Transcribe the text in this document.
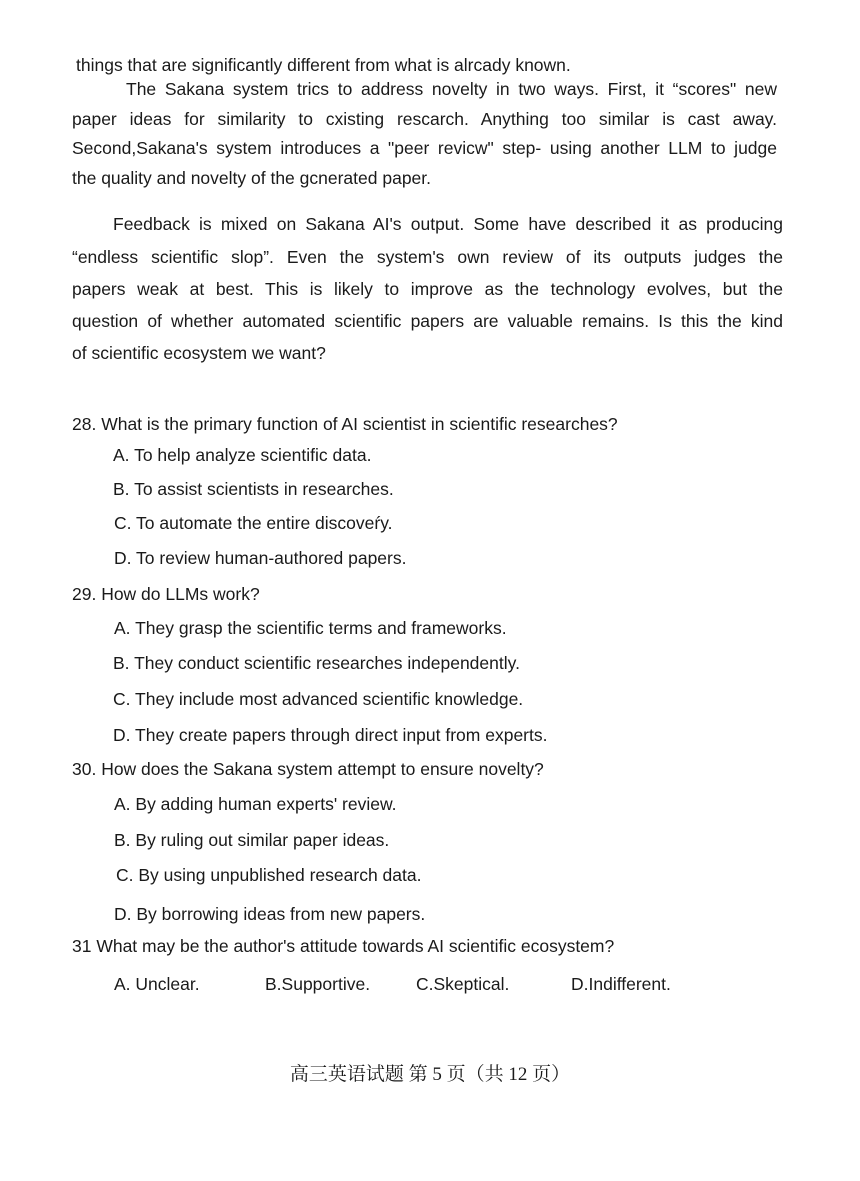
things that are significantly different from what is alrcady known.
The Sakana system trics to address novelty in two ways. First, it “scores" new
paper ideas for similarity to cxisting rescarch. Anything too similar is cast away.
Second,Sakana's system introduces a "peer revicw" step- using another LLM to judge
the quality and novelty of the gcnerated paper.
Feedback is mixed on Sakana AI's output. Some have described it as producing
“endless scientific slop”. Even the system's own review of its outputs judges the
papers weak at best. This is likely to improve as the technology evolves, but the
question of whether automated scientific papers are valuable remains. Is this the kind
of scientific ecosystem we want?
28. What is the primary function of AI scientist in scientific researches?
A. To help analyze scientific data.
B. To assist scientists in researches.
C. To automate the entire discoveŕy.
D. To review human-authored papers.
29. How do LLMs work?
A. They grasp the scientific terms and frameworks.
B. They conduct scientific researches independently.
C. They include most advanced scientific knowledge.
D. They create papers through direct input from experts.
30. How does the Sakana system attempt to ensure novelty?
A. By adding human experts' review.
B. By ruling out similar paper ideas.
C. By using unpublished research data.
D. By borrowing ideas from new papers.
31 What may be the author's attitude towards AI scientific ecosystem?
A. Unclear.	B.Supportive.	C.Skeptical.	D.Indifferent.
高三英语试题 第 5 页（共 12 页）
